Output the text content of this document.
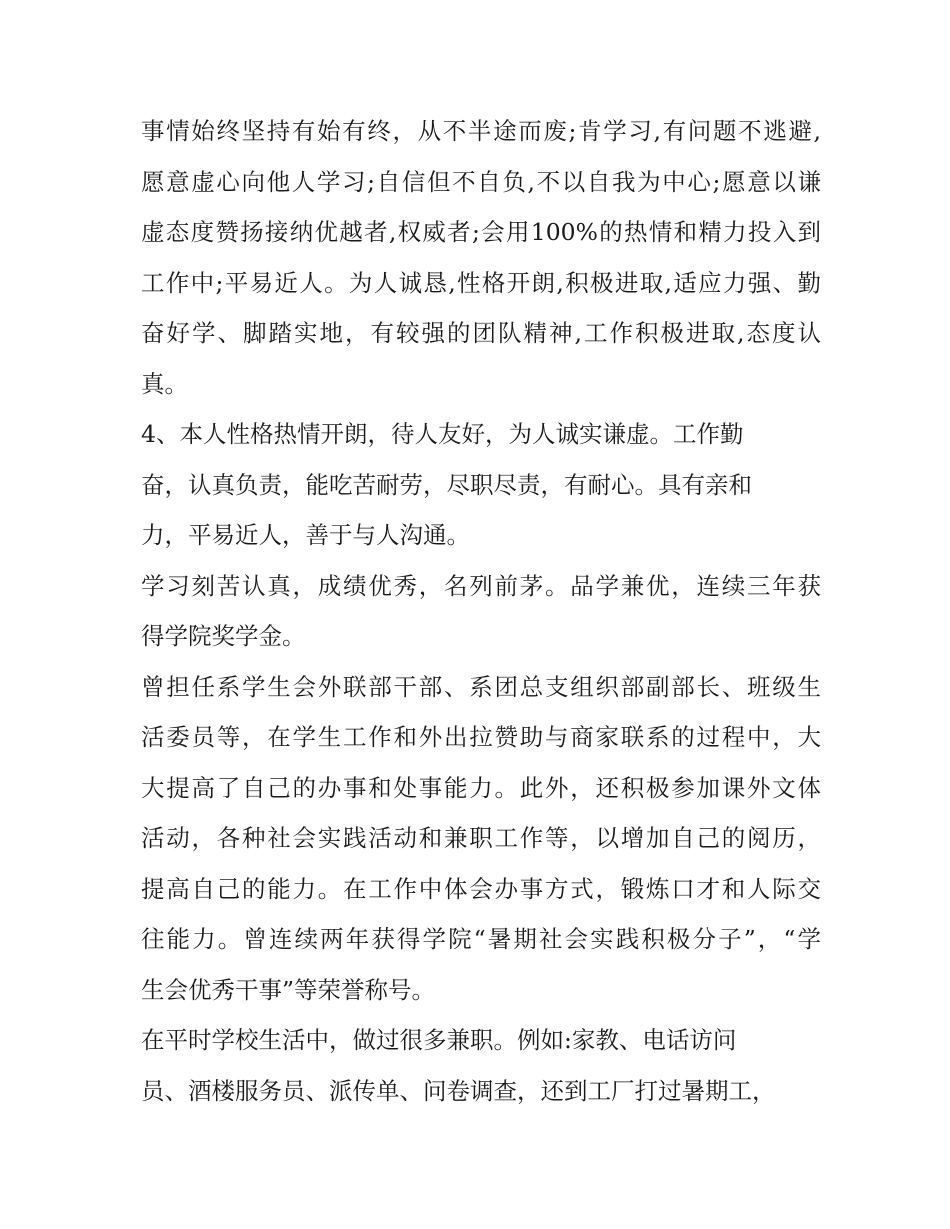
事情始终坚持有始有终，从不半途而废;肯学习,有问题不逃避,
愿意虚心向他人学习;自信但不自负,不以自我为中心;愿意以谦
虚态度赞扬接纳优越者,权威者;会用100%的热情和精力投入到
工作中;平易近人。为人诚恳,性格开朗,积极进取,适应力强、勤
奋好学、脚踏实地，有较强的团队精神,工作积极进取,态度认
真。
4、本人性格热情开朗，待人友好，为人诚实谦虚。工作勤
奋，认真负责，能吃苦耐劳，尽职尽责，有耐心。具有亲和
力，平易近人，善于与人沟通。
学习刻苦认真，成绩优秀，名列前茅。品学兼优，连续三年获
得学院奖学金。
曾担任系学生会外联部干部、系团总支组织部副部长、班级生
活委员等，在学生工作和外出拉赞助与商家联系的过程中，大
大提高了自己的办事和处事能力。此外，还积极参加课外文体
活动，各种社会实践活动和兼职工作等，以增加自己的阅历，
提高自己的能力。在工作中体会办事方式，锻炼口才和人际交
往能力。曾连续两年获得学院“暑期社会实践积极分子”，“学
生会优秀干事”等荣誉称号。
在平时学校生活中，做过很多兼职。例如:家教、电话访问
员、酒楼服务员、派传单、问卷调查，还到工厂打过暑期工，
